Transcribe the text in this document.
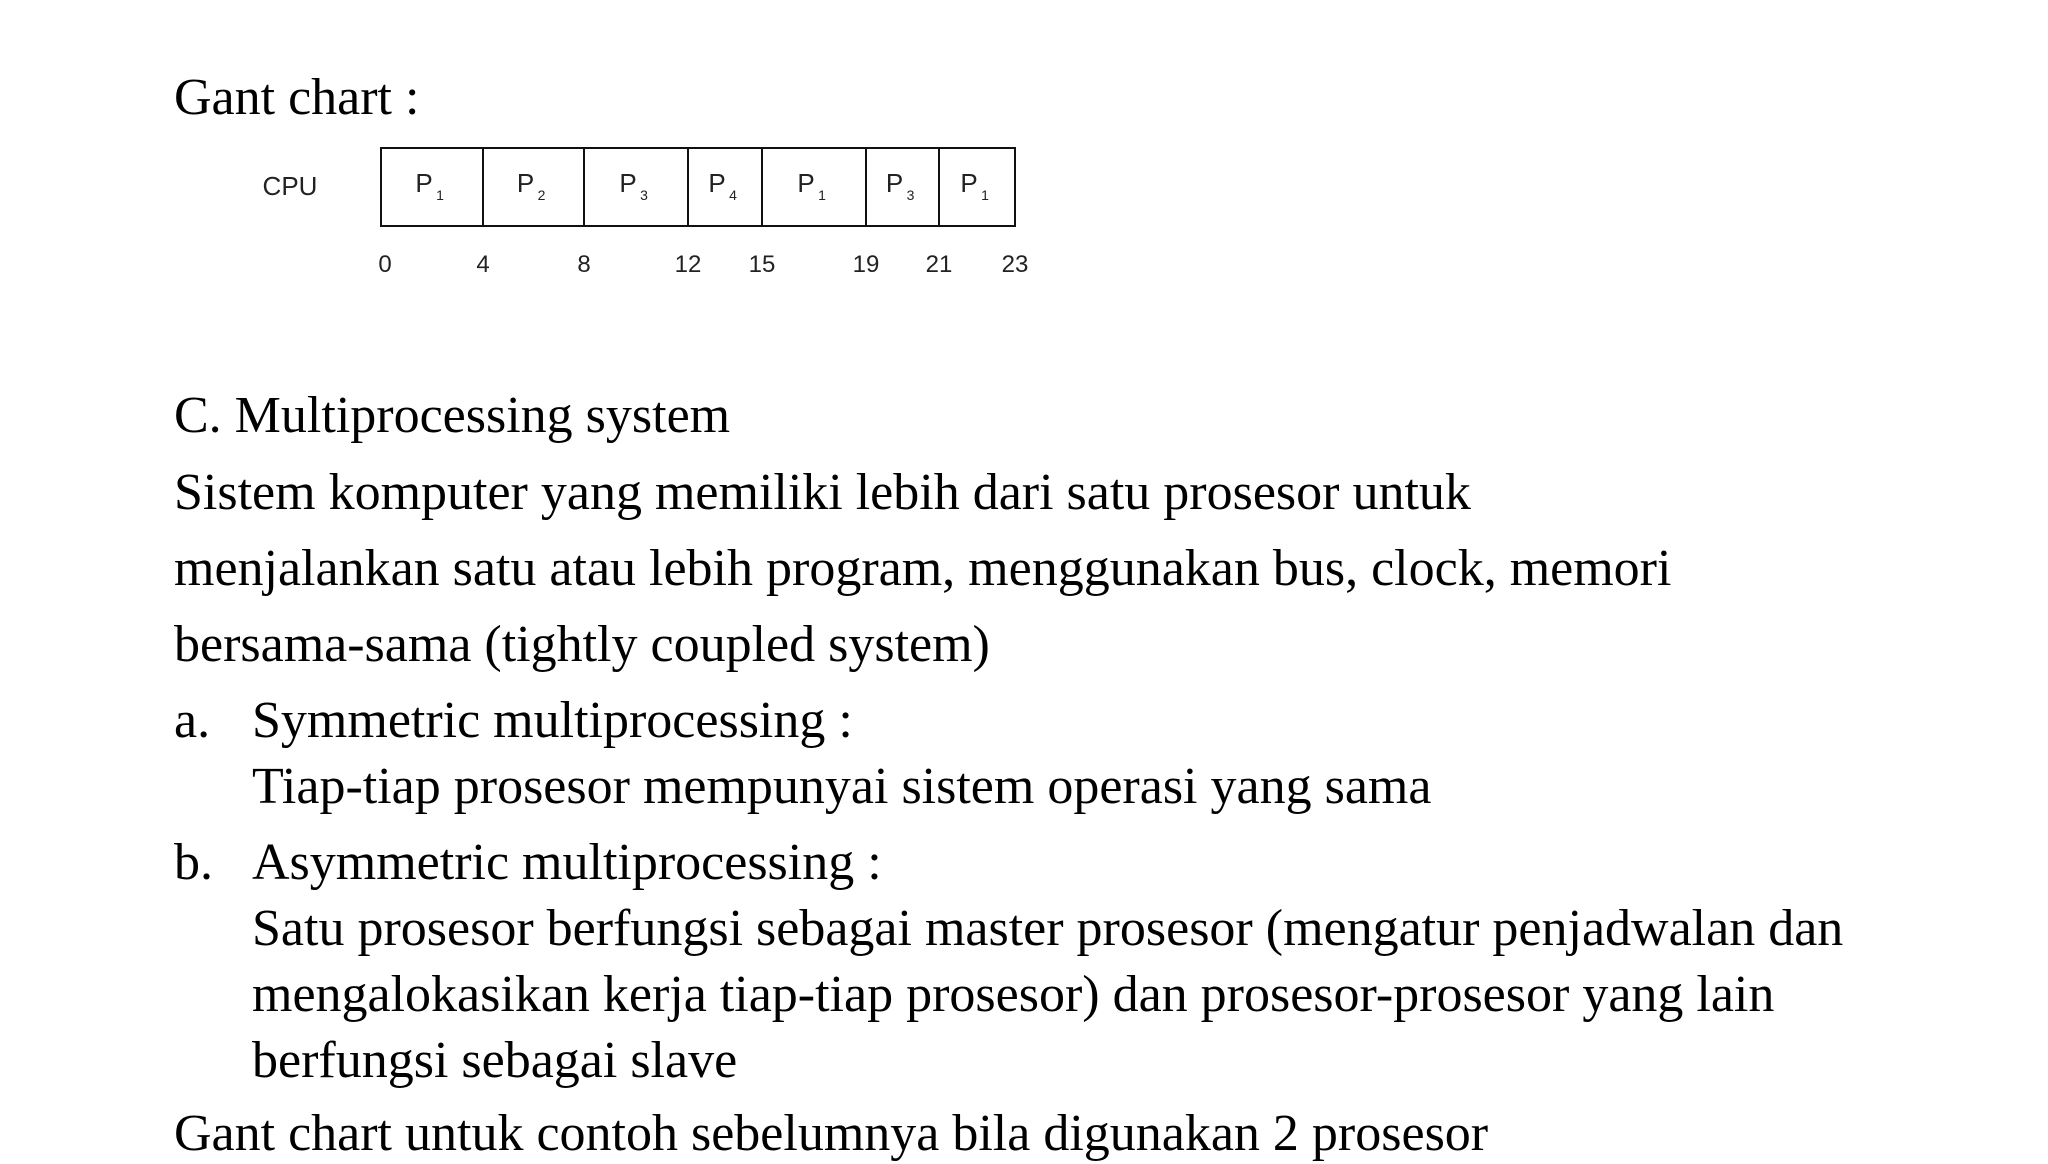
Gant chart :
CPU	P 1	P 2	P 3 P 4 P 1 P 3 P 1
0	4	8	12 15	19 21 23
C. Multiprocessing system
Sistem komputer yang memiliki lebih dari satu prosesor untuk
menjalankan satu atau lebih program, menggunakan bus, clock, memori
bersama-sama (tightly coupled system)
a. Symmetric multiprocessing :
Tiap-tiap prosesor mempunyai sistem operasi yang sama
b. Asymmetric multiprocessing :
Satu prosesor berfungsi sebagai master prosesor (mengatur penjadwalan dan
mengalokasikan kerja tiap-tiap prosesor) dan prosesor-prosesor yang lain
berfungsi sebagai slave
Gant chart untuk contoh sebelumnya bila digunakan 2 prosesor
